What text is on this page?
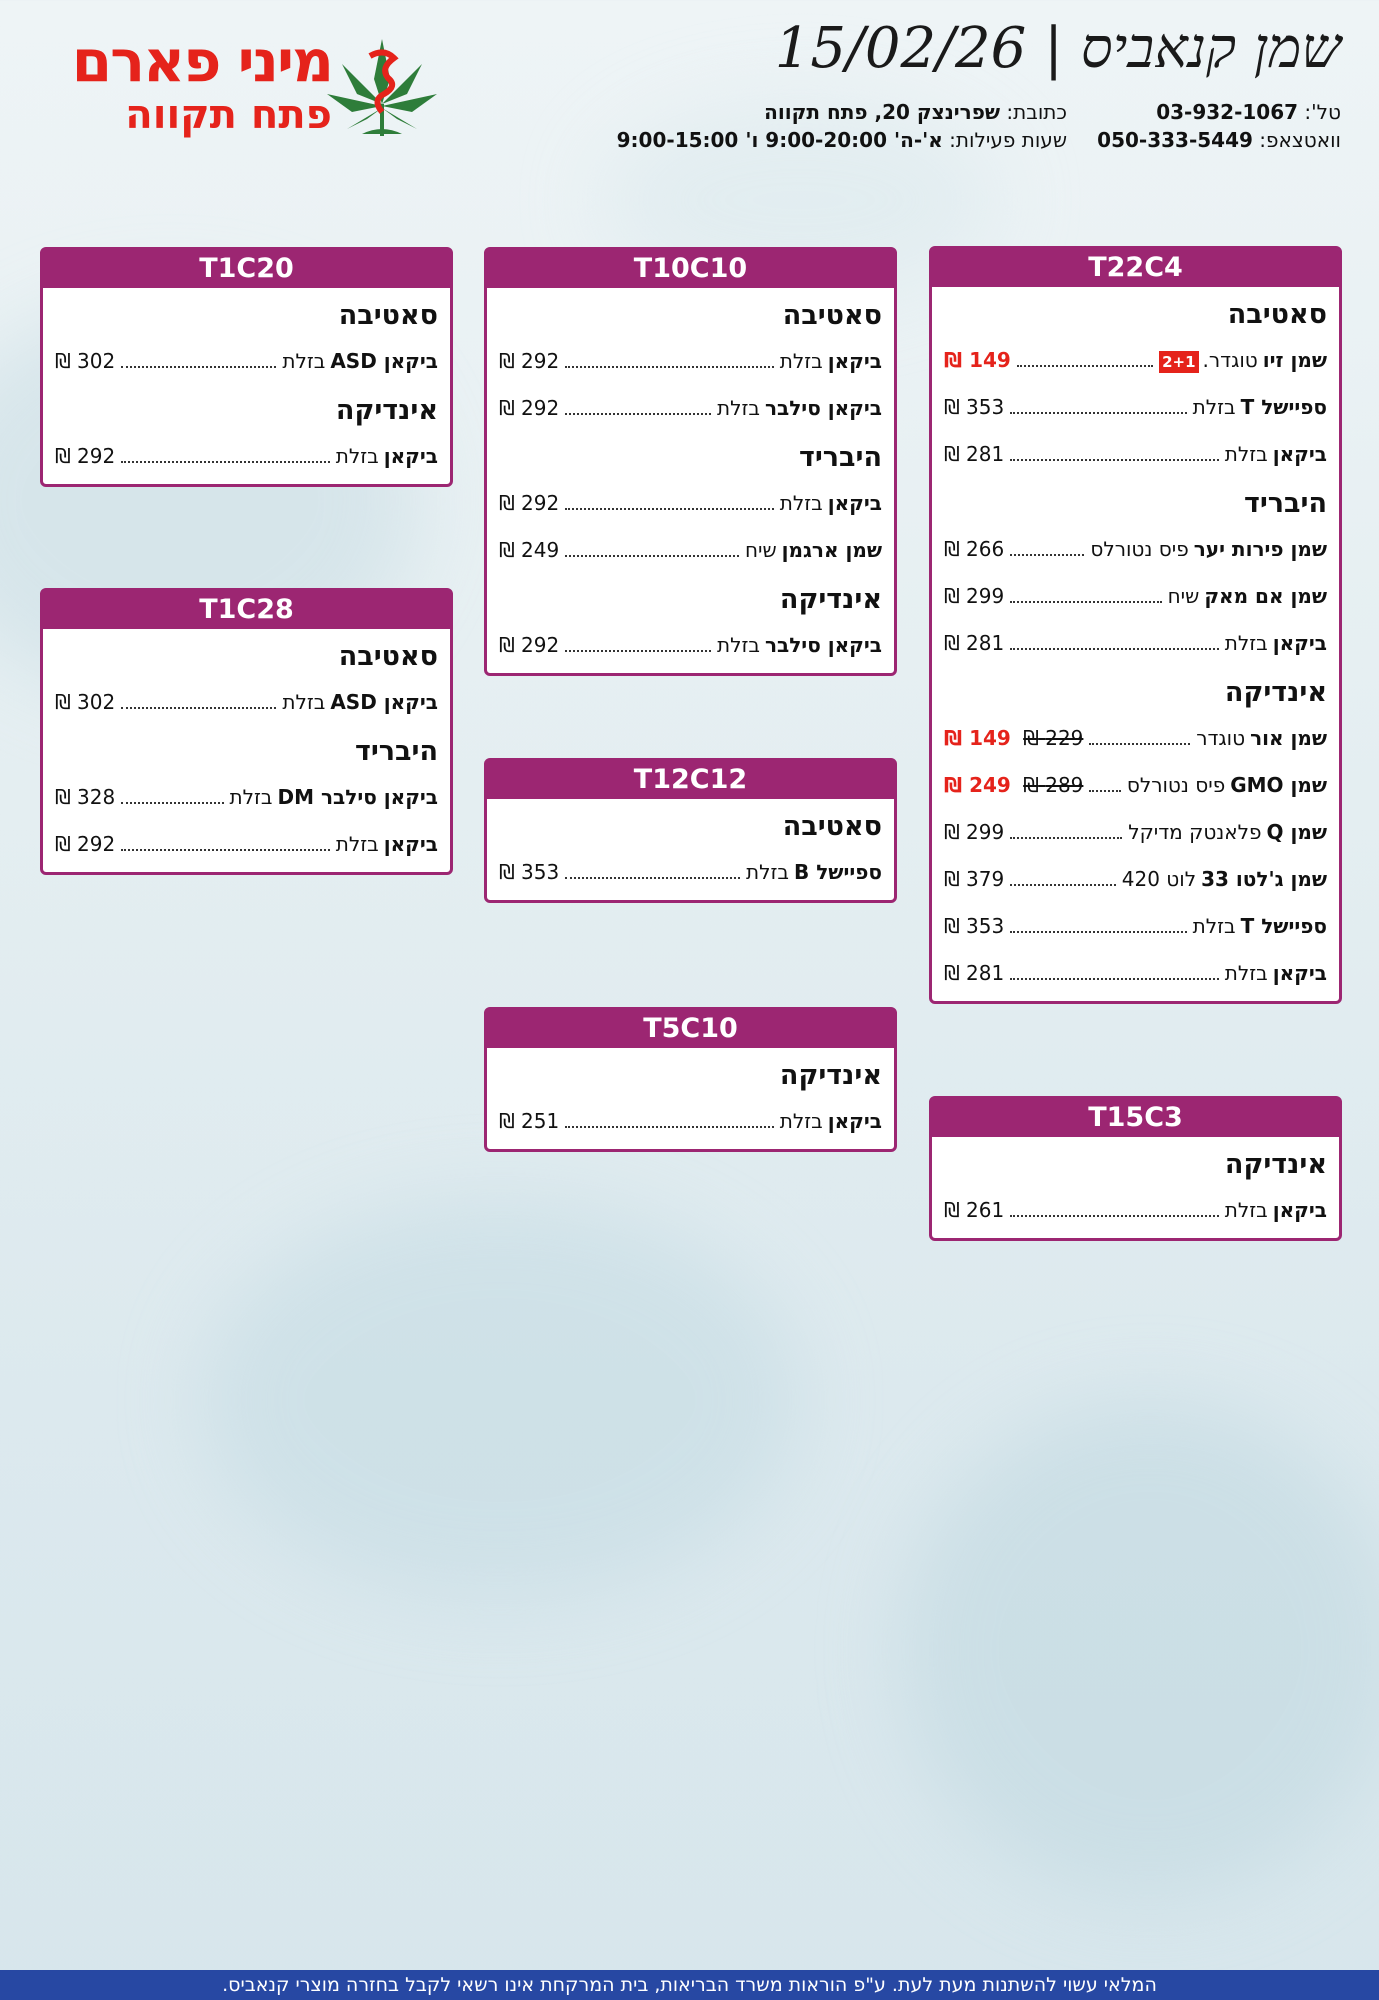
מיני פארם
פתח תקווה
שמן קנאביס | 15/02/26
טל': 03-932-1067
וואטצאפ: 050-333-5449
כתובת: שפרינצק 20, פתח תקווה
שעות פעילות: א'-ה' 9:00-20:00 ו' 9:00-15:00
T1C20
סאטיבה
ביקאן ASD
בזלת
₪ 302
אינדיקה
ביקאן
בזלת
₪ 292
T1C28
סאטיבה
ביקאן ASD
בזלת
₪ 302
היבריד
ביקאן סילבר DM
בזלת
₪ 328
ביקאן
בזלת
₪ 292
T10C10
סאטיבה
ביקאן
בזלת
₪ 292
ביקאן סילבר
בזלת
₪ 292
היבריד
ביקאן
בזלת
₪ 292
שמן ארגמן
שיח
₪ 249
אינדיקה
ביקאן סילבר
בזלת
₪ 292
T12C12
סאטיבה
ספיישל B
בזלת
₪ 353
T5C10
אינדיקה
ביקאן
בזלת
₪ 251
T22C4
סאטיבה
שמן זיו
טוגדר.
2+1
₪ 149
ספיישל T
בזלת
₪ 353
ביקאן
בזלת
₪ 281
היבריד
שמן פירות יער
פיס נטורלס
₪ 266
שמן אם מאק
שיח
₪ 299
ביקאן
בזלת
₪ 281
אינדיקה
שמן אור
טוגדר
₪ 149 ₪ 229
שמן GMO
פיס נטורלס
₪ 249 ₪ 289
שמן Q
פלאנטק מדיקל
₪ 299
שמן ג'לטו 33
לוט 420
₪ 379
ספיישל T
בזלת
₪ 353
ביקאן
בזלת
₪ 281
T15C3
אינדיקה
ביקאן
בזלת
₪ 261
המלאי עשוי להשתנות מעת לעת. ע"פ הוראות משרד הבריאות, בית המרקחת אינו רשאי לקבל בחזרה מוצרי קנאביס.
